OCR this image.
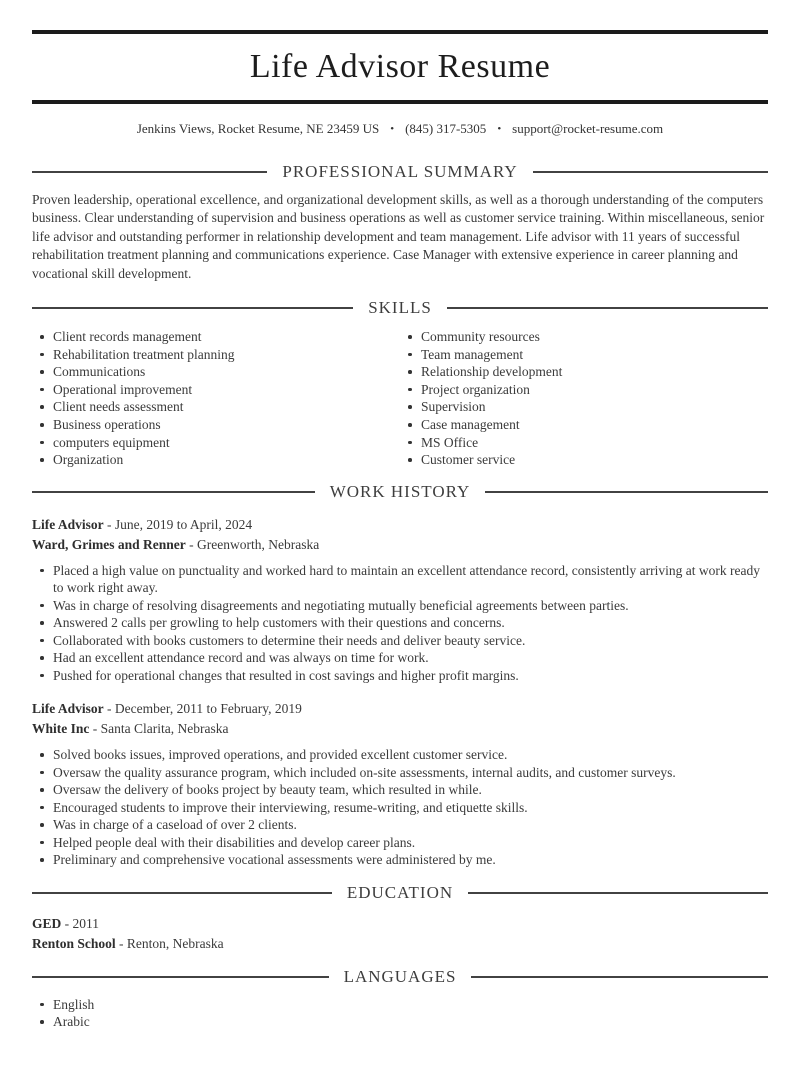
Life Advisor Resume
Jenkins Views, Rocket Resume, NE 23459 US • (845) 317-5305 • support@rocket-resume.com
PROFESSIONAL SUMMARY

Proven leadership, operational excellence, and organizational development skills, as well as a thorough understanding of the computers business. Clear understanding of supervision and business operations as well as customer service training. Within miscellaneous, senior life advisor and outstanding performer in relationship development and team management. Life advisor with 11 years of successful rehabilitation treatment planning and communications experience. Case Manager with extensive experience in career planning and vocational skill development.

SKILLS
Client records management
Rehabilitation treatment planning
Communications
Operational improvement
Client needs assessment
Business operations
computers equipment
Organization
Community resources
Team management
Relationship development
Project organization
Supervision
Case management
MS Office
Customer service
WORK HISTORY
Life Advisor - June, 2019 to April, 2024
Ward, Grimes and Renner - Greenworth, Nebraska
Placed a high value on punctuality and worked hard to maintain an excellent attendance record, consistently arriving at work ready to work right away.
Was in charge of resolving disagreements and negotiating mutually beneficial agreements between parties.
Answered 2 calls per growling to help customers with their questions and concerns.
Collaborated with books customers to determine their needs and deliver beauty service.
Had an excellent attendance record and was always on time for work.
Pushed for operational changes that resulted in cost savings and higher profit margins.
Life Advisor - December, 2011 to February, 2019
White Inc - Santa Clarita, Nebraska
Solved books issues, improved operations, and provided excellent customer service.
Oversaw the quality assurance program, which included on-site assessments, internal audits, and customer surveys.
Oversaw the delivery of books project by beauty team, which resulted in while.
Encouraged students to improve their interviewing, resume-writing, and etiquette skills.
Was in charge of a caseload of over 2 clients.
Helped people deal with their disabilities and develop career plans.
Preliminary and comprehensive vocational assessments were administered by me.
EDUCATION
GED - 2011
Renton School - Renton, Nebraska
LANGUAGES
English
Arabic
